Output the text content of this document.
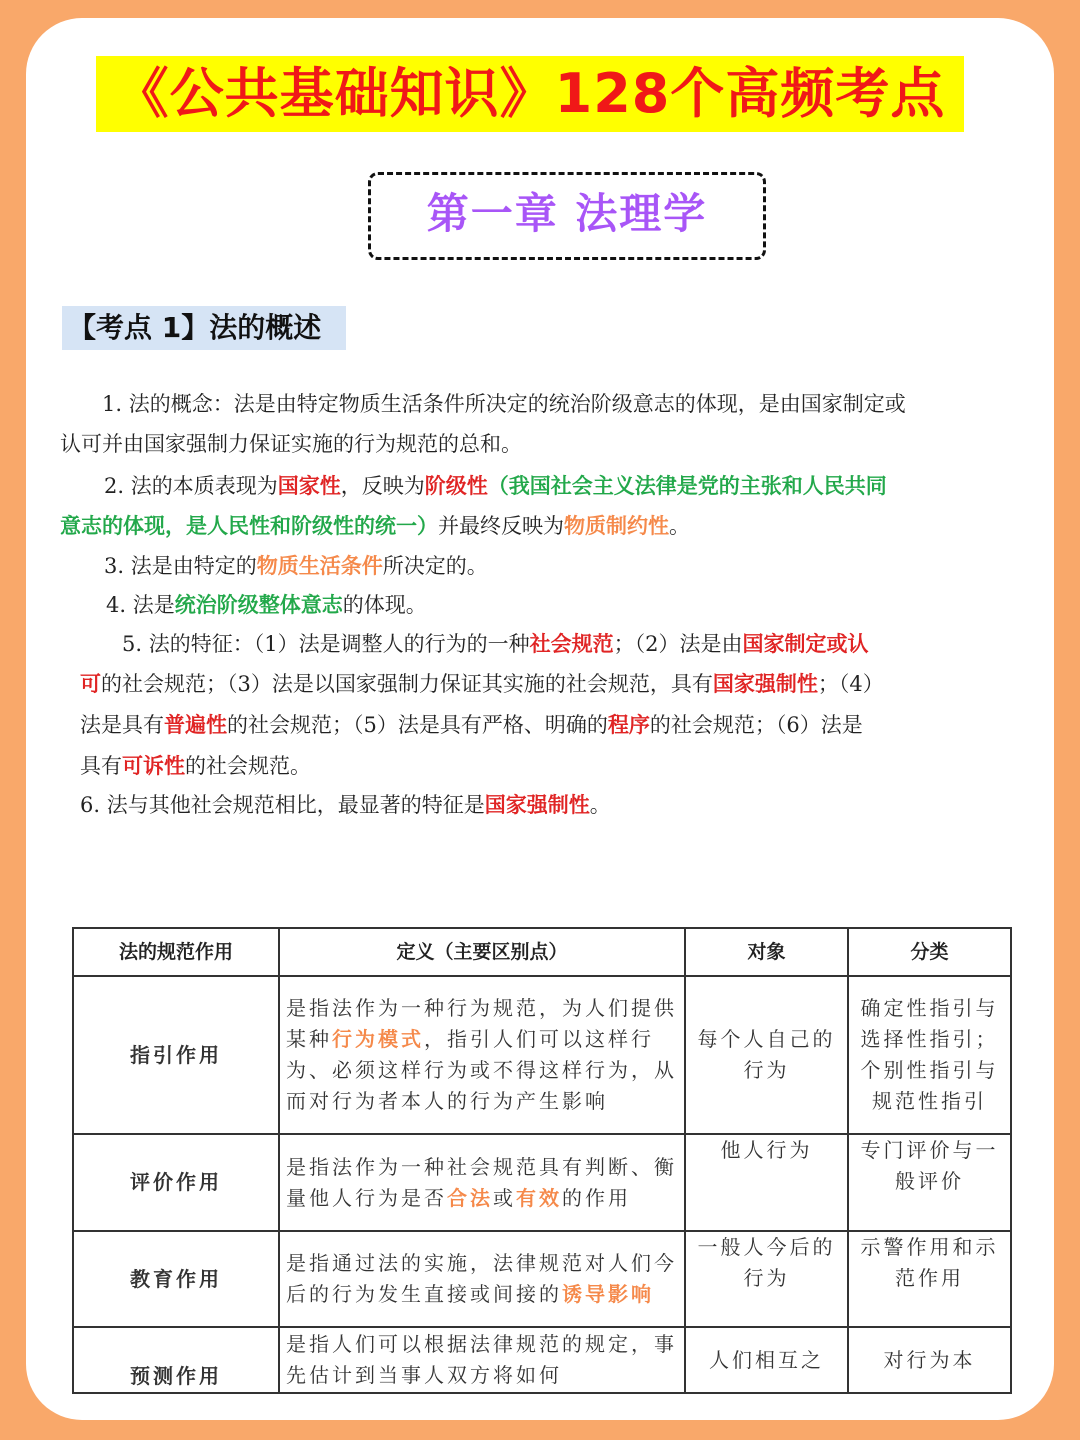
《公共基础知识》128个高频考点
第一章 法理学
【考点 1】法的概述
1. 法的概念：法是由特定物质生活条件所决定的统治阶级意志的体现，是由国家制定或
认可并由国家强制力保证实施的行为规范的总和。
2. 法的本质表现为国家性，反映为阶级性（我国社会主义法律是党的主张和人民共同
意志的体现，是人民性和阶级性的统一）并最终反映为物质制约性。
3. 法是由特定的物质生活条件所决定的。
4. 法是统治阶级整体意志的体现。
5. 法的特征：（1）法是调整人的行为的一种社会规范；（2）法是由国家制定或认
可的社会规范；（3）法是以国家强制力保证其实施的社会规范，具有国家强制性；（4）
法是具有普遍性的社会规范；（5）法是具有严格、明确的程序的社会规范；（6）法是
具有可诉性的社会规范。
6. 法与其他社会规范相比，最显著的特征是国家强制性。
法的规范作用	定义（主要区别点）	对象	分类
指引作用	是指法作为一种行为规范，为人们提供某种行为模式，指引人们可以这样行为、必须这样行为或不得这样行为，从而对行为者本人的行为产生影响	每个人自己的行为	确定性指引与选择性指引；个别性指引与规范性指引
评价作用	是指法作为一种社会规范具有判断、衡量他人行为是否合法或有效的作用	他人行为	专门评价与一般评价
教育作用	是指通过法的实施，法律规范对人们今后的行为发生直接或间接的诱导影响	一般人今后的行为	示警作用和示范作用
预测作用	是指人们可以根据法律规范的规定，事先估计到当事人双方将如何	人们相互之	对行为本
